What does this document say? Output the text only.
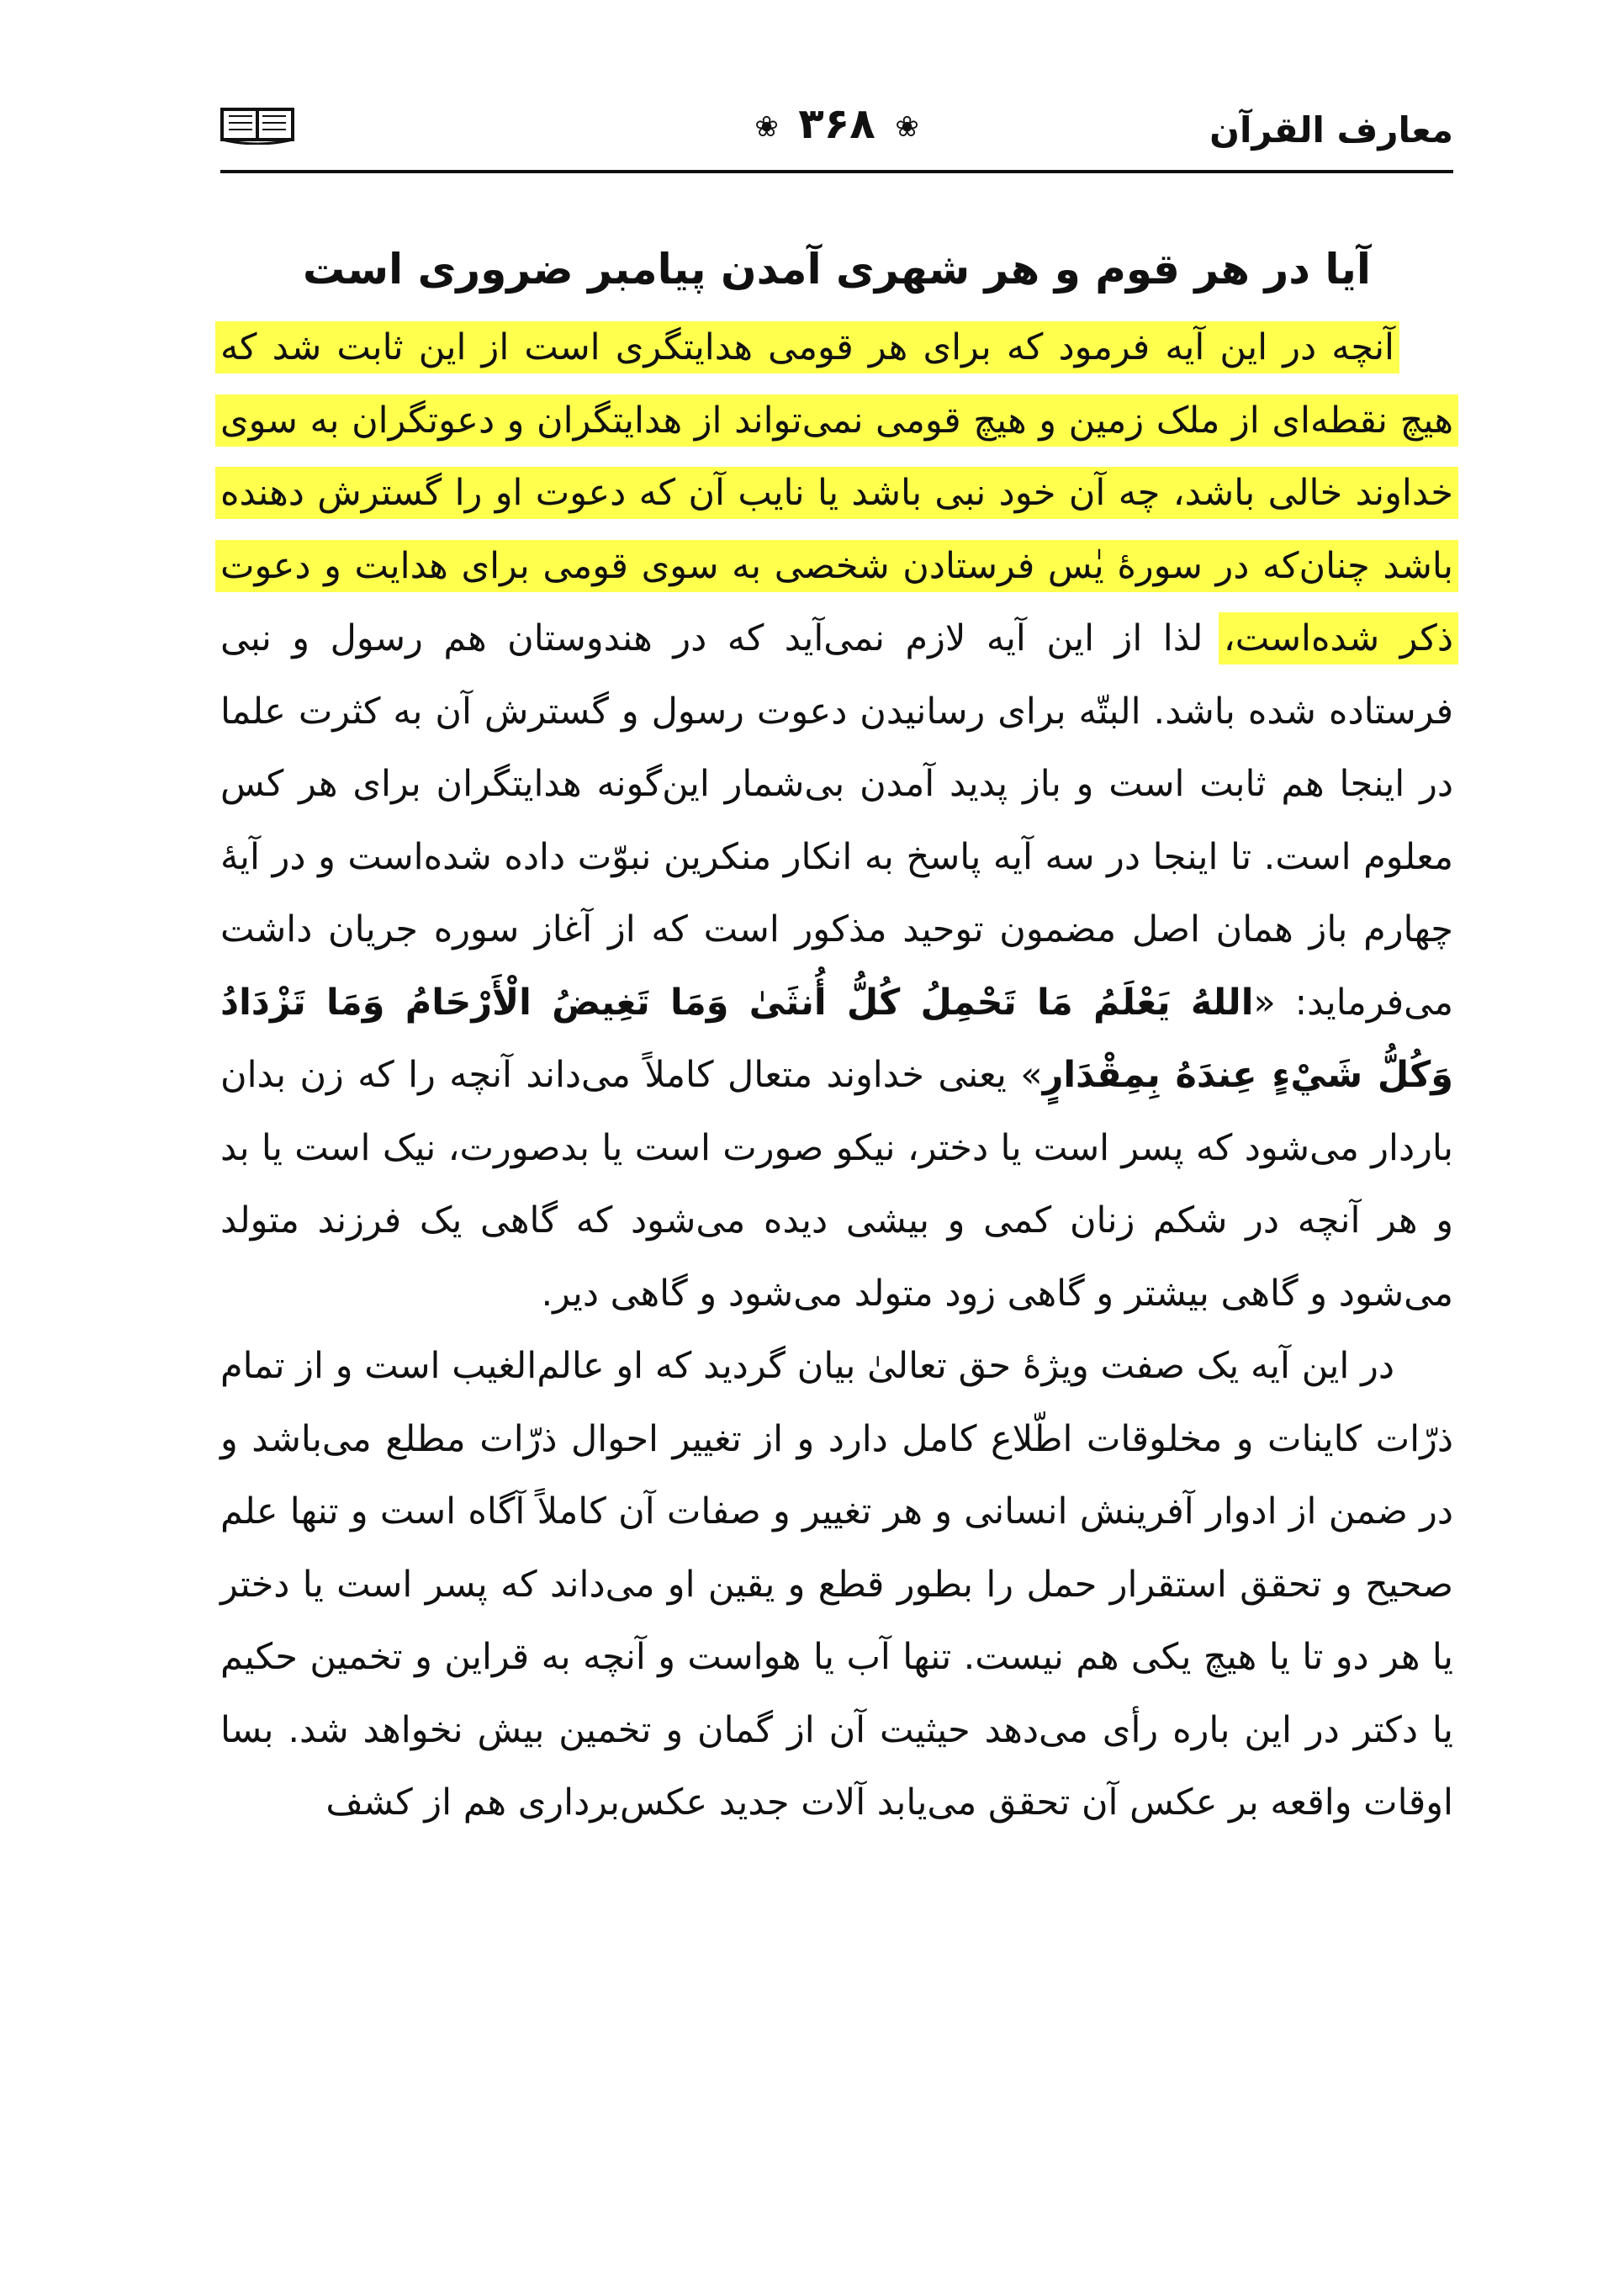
معارف القرآن
❀ ۳۶۸ ❀
آیا در هر قوم و هر شهری آمدن پیامبر ضروری است

آنچه در این آیه فرمود که برای هر قومی هدایتگری است از این ثابت شد که هیچ نقطه‌ای از ملک زمین و هیچ قومی نمی‌تواند از هدایتگران و دعوتگران به سوی خداوند خالی باشد، چه آن خود نبی باشد یا نایب آن که دعوت او را گسترش دهنده باشد چنان‌که در سورهٔ یٰس فرستادن شخصی به سوی قومی برای هدایت و دعوت ذکر شده‌است، لذا از این آیه لازم نمی‌آید که در هندوستان هم رسول و نبی فرستاده شده باشد. البتّه برای رسانیدن دعوت رسول و گسترش آن به کثرت علما در اینجا هم ثابت است و باز پدید آمدن بی‌شمار این‌گونه هدایتگران برای هر کس معلوم است. تا اینجا در سه آیه پاسخ به انکار منکرین نبوّت داده شده‌است و در آیهٔ چهارم باز همان اصل مضمون توحید مذکور است که از آغاز سوره جریان داشت می‌فرماید: «اللهُ يَعْلَمُ مَا تَحْمِلُ كُلُّ أُنثَىٰ وَمَا تَغِيضُ الْأَرْحَامُ وَمَا تَزْدَادُ وَكُلُّ شَيْءٍ عِندَهُ بِمِقْدَارٍ» یعنی خداوند متعال کاملاً می‌داند آنچه را که زن بدان باردار می‌شود که پسر است یا دختر، نیکو صورت است یا بدصورت، نیک است یا بد و هر آنچه در شکم زنان کمی و بیشی دیده می‌شود که گاهی یک فرزند متولد می‌شود و گاهی بیشتر و گاهی زود متولد می‌شود و گاهی دیر.

در این آیه یک صفت ویژهٔ حق تعالیٰ بیان گردید که او عالم‌الغیب است و از تمام ذرّات کاینات و مخلوقات اطّلاع کامل دارد و از تغییر احوال ذرّات مطلع می‌باشد و در ضمن از ادوار آفرینش انسانی و هر تغییر و صفات آن کاملاً آگاه است و تنها علم صحیح و تحقق استقرار حمل را بطور قطع و یقین او می‌داند که پسر است یا دختر یا هر دو تا یا هیچ یکی هم نیست. تنها آب یا هواست و آنچه به قراین و تخمین حکیم یا دکتر در این باره رأی می‌دهد حیثیت آن از گمان و تخمین بیش نخواهد شد. بسا اوقات واقعه بر عکس آن تحقق می‌یابد آلات جدید عکس‌برداری هم از کشف
